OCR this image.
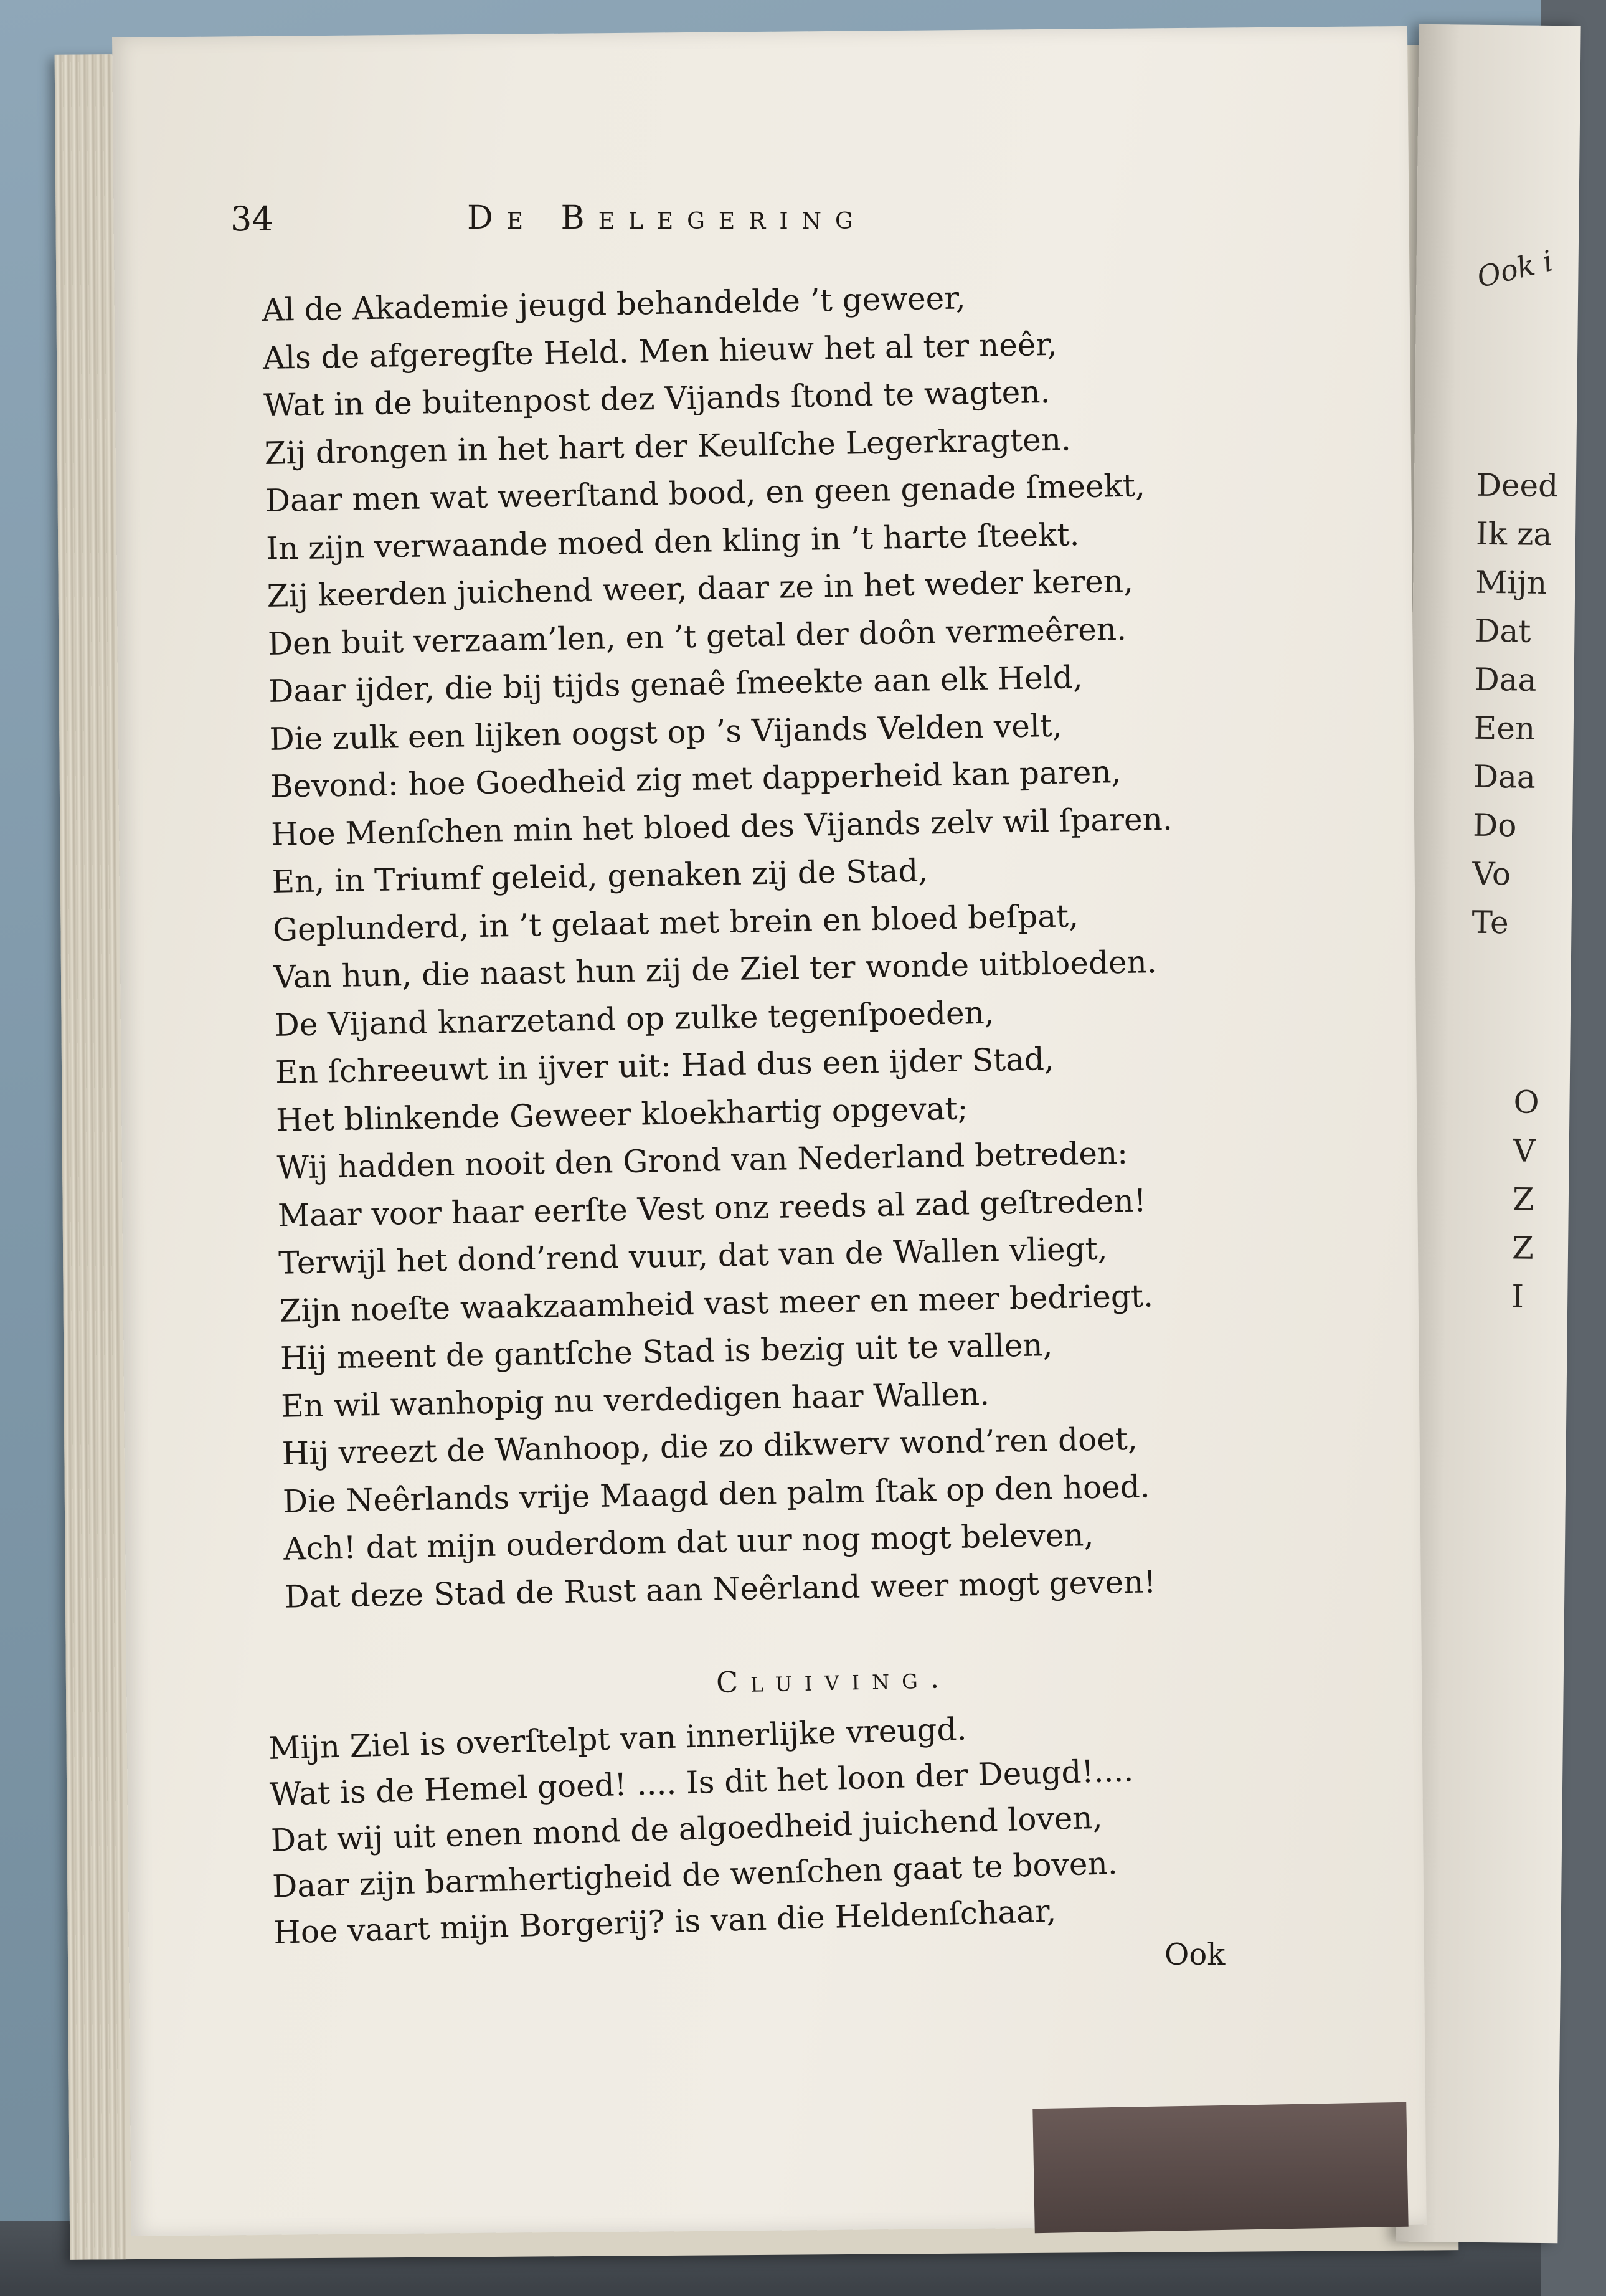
Ook i
Deed
Ik za
Mijn
Dat
Daa
Een
Daa
Do
Vo
Te
O
V
Z
Z
I
34	De Belegering
Al de Akademie jeugd behandelde ’t geweer,
Als de afgeregſte Held. Men hieuw het al ter neêr,
Wat in de buitenpost dez Vijands ſtond te wagten.
Zij drongen in het hart der Keulſche Legerkragten.
Daar men wat weerſtand bood, en geen genade ſmeekt,
In zijn verwaande moed den kling in ’t harte ſteekt.
Zij keerden juichend weer, daar ze in het weder keren,
Den buit verzaam’len, en ’t getal der doôn vermeêren.
Daar ijder, die bij tijds genaê ſmeekte aan elk Held,
Die zulk een lijken oogst op ’s Vijands Velden velt,
Bevond: hoe Goedheid zig met dapperheid kan paren,
Hoe Menſchen min het bloed des Vijands zelv wil ſparen.
En, in Triumf geleid, genaken zij de Stad,
Geplunderd, in ’t gelaat met brein en bloed beſpat,
Van hun, die naast hun zij de Ziel ter wonde uitbloeden.
De Vijand knarzetand op zulke tegenſpoeden,
En ſchreeuwt in ijver uit: Had dus een ijder Stad,
Het blinkende Geweer kloekhartig opgevat;
Wij hadden nooit den Grond van Nederland betreden:
Maar voor haar eerſte Vest onz reeds al zad geſtreden!
Terwijl het dond’rend vuur, dat van de Wallen vliegt,
Zijn noeſte waakzaamheid vast meer en meer bedriegt.
Hij meent de gantſche Stad is bezig uit te vallen,
En wil wanhopig nu verdedigen haar Wallen.
Hij vreezt de Wanhoop, die zo dikwerv wond’ren doet,
Die Neêrlands vrije Maagd den palm ſtak op den hoed.
Ach! dat mijn ouderdom dat uur nog mogt beleven,
Dat deze Stad de Rust aan Neêrland weer mogt geven!
Cluiving.
Mijn Ziel is overſtelpt van innerlijke vreugd.
Wat is de Hemel goed! .... Is dit het loon der Deugd!....
Dat wij uit enen mond de algoedheid juichend loven,
Daar zijn barmhertigheid de wenſchen gaat te boven.
Hoe vaart mijn Borgerij? is van die Heldenſchaar,
Ook
